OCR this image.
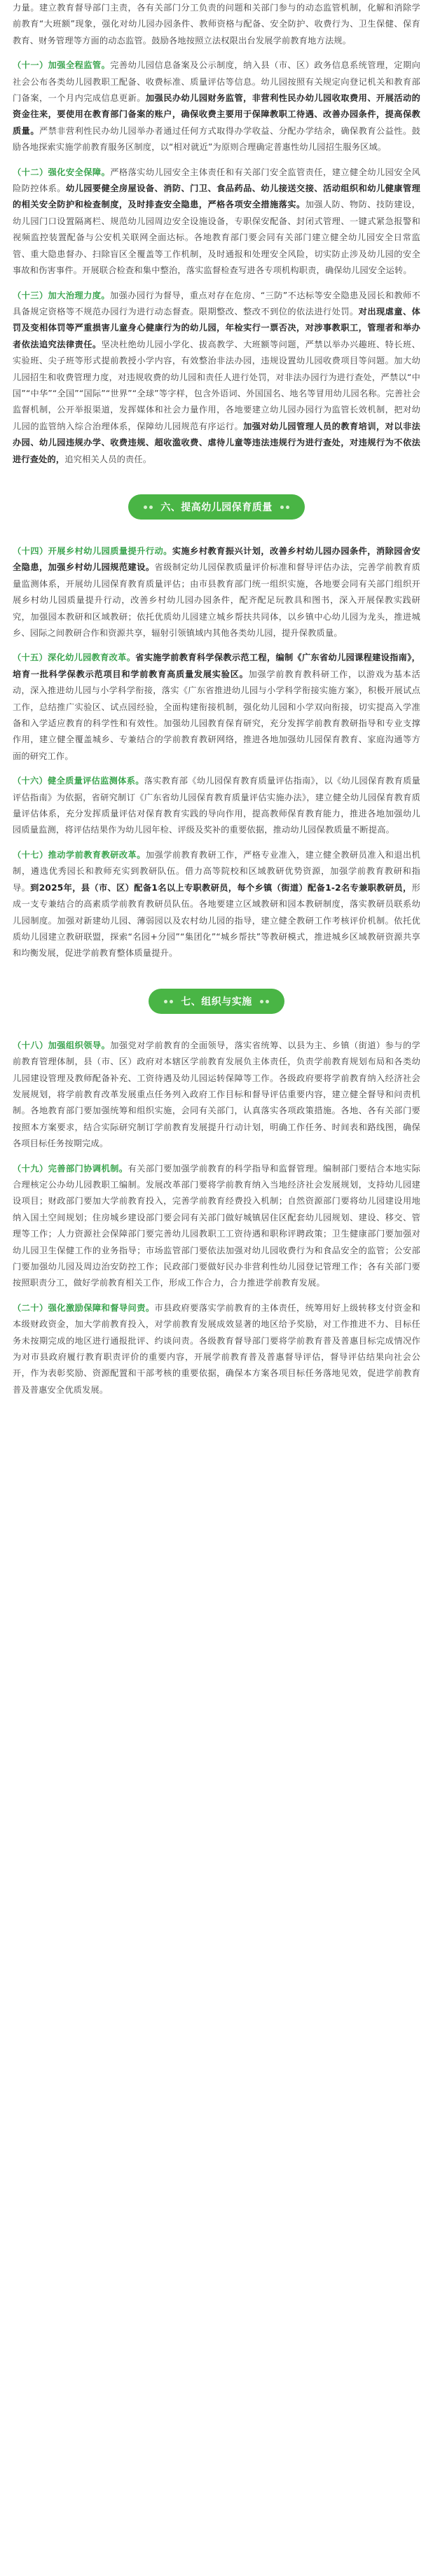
力量。建立教育督导部门主责，各有关部门分工负责的问题和关部门参与的动态监管机制，化解和消除学前教育“大班额”现象，强化对幼儿园办园条件、教师资格与配备、安全防护、收费行为、卫生保健、保育教育、财务管理等方面的动态监管。鼓励各地按照立法权限出台发展学前教育地方法规。

（十一）加强全程监管。完善幼儿园信息备案及公示制度，纳入县（市、区）政务信息系统管理，定期向社会公布各类幼儿园教职工配备、收费标准、质量评估等信息。幼儿园按照有关规定向登记机关和教育部门备案，一个月内完成信息更新。加强民办幼儿园财务监管，非营利性民办幼儿园收取费用、开展活动的资金往来，要使用在教育部门备案的账户，确保收费主要用于保障教职工待遇、改善办园条件，提高保教质量。严禁非营利性民办幼儿园举办者通过任何方式取得办学收益、分配办学结余，确保教育公益性。鼓励各地探索实施学前教育服务区制度，以“相对就近”为原则合理确定普惠性幼儿园招生服务区域。

（十二）强化安全保障。严格落实幼儿园安全主体责任和有关部门安全监管责任，建立健全幼儿园安全风险防控体系。幼儿园要健全房屋设备、消防、门卫、食品药品、幼儿接送交接、活动组织和幼儿健康管理的相关安全防护和检查制度，及时排查安全隐患，严格各项安全措施落实。加强人防、物防、技防建设，幼儿园门口设置隔离栏、规范幼儿园周边安全设施设备，专职保安配备、封闭式管理、一键式紧急报警和视频监控装置配备与公安机关联网全面达标。各地教育部门要会同有关部门建立健全幼儿园安全日常监管、重大隐患督办、扫除盲区全覆盖等工作机制，及时通报和处理安全风险，切实防止涉及幼儿园的安全事故和伤害事件。开展联合检查和集中整治，落实监督检查写进各专项机构职责，确保幼儿园安全运转。

（十三）加大治理力度。加强办园行为督导，重点对存在危房、“三防”不达标等安全隐患及园长和教师不具备规定资格等不规范办园行为进行动态督查。限期整改、整改不到位的依法进行处罚。对出现虐童、体罚及变相体罚等严重损害儿童身心健康行为的幼儿园，年检实行一票否决，对涉事教职工，管理者和举办者依法追究法律责任。坚决杜绝幼儿园小学化、拔高教学、大班额等问题，严禁以举办兴趣班、特长班、实验班、尖子班等形式提前教授小学内容，有效整治非法办园，违规设置幼儿园收费项目等问题。加大幼儿园招生和收费管理力度，对违规收费的幼儿园和责任人进行处罚，对非法办园行为进行查处，严禁以“中国”“中华”“全国”“国际”“世界”“全球”等字样，包含外语词、外国国名、地名等冒用幼儿园名称。完善社会监督机制，公开举报渠道，发挥媒体和社会力量作用，各地要建立幼儿园办园行为监管长效机制，把对幼儿园的监管纳入综合治理体系，保障幼儿园规范有序运行。加强对幼儿园管理人员的教育培训，对以非法办园、幼儿园违规办学、收费违规、超收滥收费、虐待儿童等违法违规行为进行查处，对违规行为不依法进行查处的，追究相关人员的责任。

六、提高幼儿园保育质量

（十四）开展乡村幼儿园质量提升行动。实施乡村教育振兴计划，改善乡村幼儿园办园条件，消除园舍安全隐患，加强乡村幼儿园规范建设。省级制定幼儿园保教质量评价标准和督导评估办法，完善学前教育质量监测体系，开展幼儿园保育教育质量评估；由市县教育部门统一组织实施，各地要会同有关部门组织开展乡村幼儿园质量提升行动，改善乡村幼儿园办园条件，配齐配足玩教具和图书，深入开展保教实践研究，加强园本教研和区域教研；依托优质幼儿园建立城乡帮扶共同体，以乡镇中心幼儿园为龙头，推进城乡、园际之间教研合作和资源共享，辐射引领镇域内其他各类幼儿园，提升保教质量。

（十五）深化幼儿园教育改革。省实施学前教育科学保教示范工程，编制《广东省幼儿园课程建设指南》，培育一批科学保教示范项目和学前教育高质量发展实验区。加强学前教育教科研工作，以游戏为基本活动，深入推进幼儿园与小学科学衔接，落实《广东省推进幼儿园与小学科学衔接实施方案》，积极开展试点工作，总结推广实验区、试点园经验，全面构建衔接机制，强化幼儿园和小学双向衔接，切实提高入学准备和入学适应教育的科学性和有效性。加强幼儿园教育保育研究，充分发挥学前教育教研指导和专业支撑作用，建立健全覆盖城乡、专兼结合的学前教育教研网络，推进各地加强幼儿园保育教育、家庭沟通等方面的研究工作。

（十六）健全质量评估监测体系。落实教育部《幼儿园保育教育质量评估指南》，以《幼儿园保育教育质量评估指南》为依据，省研究制订《广东省幼儿园保育教育质量评估实施办法》，建立健全幼儿园保育教育质量评估体系，充分发挥质量评估对保育教育实践的导向作用，提高教师保育教育能力，推进各地加强幼儿园质量监测，将评估结果作为幼儿园年检、评级及奖补的重要依据，推动幼儿园保教质量不断提高。

（十七）推动学前教育教研改革。加强学前教育教研工作，严格专业准入，建立健全教研员准入和退出机制，遴选优秀园长和教师充实到教研队伍。借力高等院校和区域教研优势资源，加强学前教育教研和指导。到2025年，县（市、区）配备1名以上专职教研员，每个乡镇（街道）配备1-2名专兼职教研员，形成一支专兼结合的高素质学前教育教研员队伍。各地要建立区域教研和园本教研制度，落实教研员联系幼儿园制度。加强对新建幼儿园、薄弱园以及农村幼儿园的指导，建立健全教研工作考核评价机制。依托优质幼儿园建立教研联盟，探索“名园+分园”“集团化”“城乡帮扶”等教研模式，推进城乡区域教研资源共享和均衡发展，促进学前教育整体质量提升。

七、组织与实施

（十八）加强组织领导。加强党对学前教育的全面领导，落实省统筹、以县为主、乡镇（街道）参与的学前教育管理体制，县（市、区）政府对本辖区学前教育发展负主体责任，负责学前教育规划布局和各类幼儿园建设管理及教师配备补充、工资待遇及幼儿园运转保障等工作。各级政府要将学前教育纳入经济社会发展规划，将学前教育改革发展重点任务列入政府工作目标和督导评估重要内容，建立健全督导和问责机制。各地教育部门要加强统筹和组织实施，会同有关部门，认真落实各项政策措施。各地、各有关部门要按照本方案要求，结合实际研究制订学前教育发展提升行动计划，明确工作任务、时间表和路线图，确保各项目标任务按期完成。

（十九）完善部门协调机制。有关部门要加强学前教育的科学指导和监督管理。编制部门要结合本地实际合理核定公办幼儿园教职工编制。发展改革部门要将学前教育纳入当地经济社会发展规划，支持幼儿园建设项目；财政部门要加大学前教育投入，完善学前教育经费投入机制；自然资源部门要将幼儿园建设用地纳入国土空间规划；住房城乡建设部门要会同有关部门做好城镇居住区配套幼儿园规划、建设、移交、管理等工作；人力资源社会保障部门要完善幼儿园教职工工资待遇和职称评聘政策；卫生健康部门要加强对幼儿园卫生保健工作的业务指导；市场监管部门要依法加强对幼儿园收费行为和食品安全的监管；公安部门要加强幼儿园及周边治安防控工作；民政部门要做好民办非营利性幼儿园登记管理工作；各有关部门要按照职责分工，做好学前教育相关工作，形成工作合力，合力推进学前教育发展。

（二十）强化激励保障和督导问责。市县政府要落实学前教育的主体责任，统筹用好上级转移支付资金和本级财政资金，加大学前教育投入，对学前教育发展成效显著的地区给予奖励，对工作推进不力、目标任务未按期完成的地区进行通报批评、约谈问责。各级教育督导部门要将学前教育普及普惠目标完成情况作为对市县政府履行教育职责评价的重要内容，开展学前教育普及普惠督导评估，督导评估结果向社会公开，作为表彰奖励、资源配置和干部考核的重要依据，确保本方案各项目标任务落地见效，促进学前教育普及普惠安全优质发展。
